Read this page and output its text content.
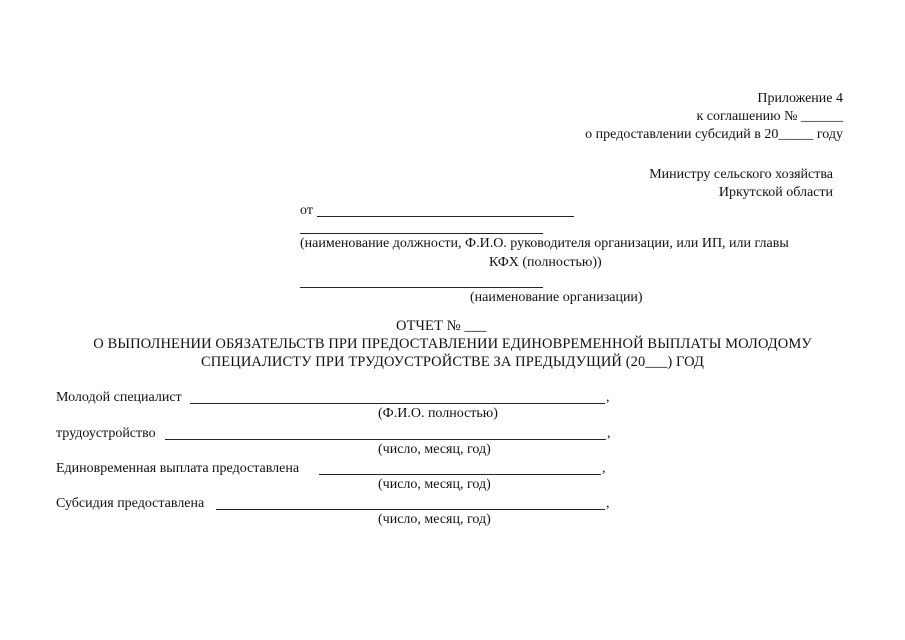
Приложение 4
к соглашению № ______
о предоставлении субсидий в 20_____ году
Министру сельского хозяйства
Иркутской области
от
(наименование должности, Ф.И.О. руководителя организации, или ИП, или главы
КФХ (полностью))
(наименование организации)
ОТЧЕТ № ___
О ВЫПОЛНЕНИИ ОБЯЗАТЕЛЬСТВ ПРИ ПРЕДОСТАВЛЕНИИ ЕДИНОВРЕМЕННОЙ ВЫПЛАТЫ МОЛОДОМУ
СПЕЦИАЛИСТУ ПРИ ТРУДОУСТРОЙСТВЕ ЗА ПРЕДЫДУЩИЙ (20___) ГОД
Молодой специалист	,
(Ф.И.О. полностью)
трудоустройство	,
(число, месяц, год)
Единовременная выплата предоставлена	,
(число, месяц, год)
Субсидия предоставлена	,
(число, месяц, год)
